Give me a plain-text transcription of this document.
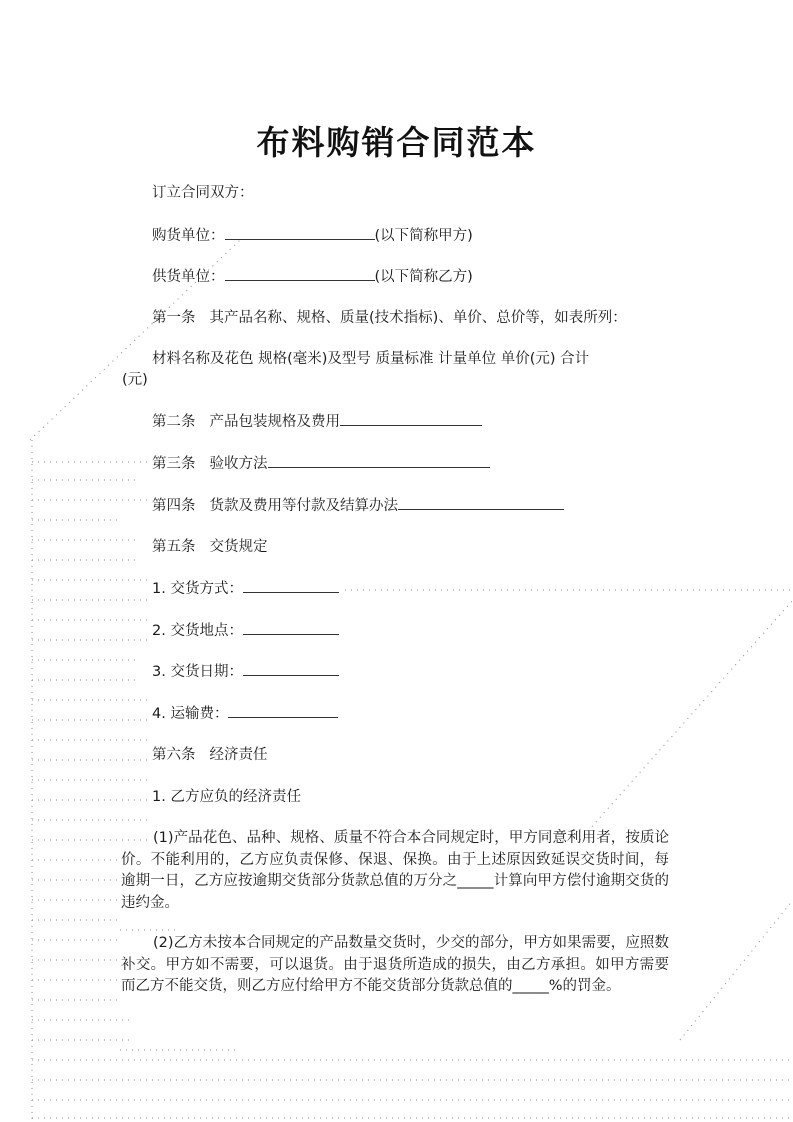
布料购销合同范本

订立合同双方：

购货单位：	(以下简称甲方)

供货单位：	(以下简称乙方)

第一条 其产品名称、规格、质量(技术指标)、单价、总价等，如表所列：

材料名称及花色 规格(毫米)及型号 质量标准 计量单位 单价(元) 合计

(元)

第二条 产品包装规格及费用

第三条 验收方法

第四条 货款及费用等付款及结算办法

第五条 交货规定

1. 交货方式：

2. 交货地点：

3. 交货日期：

4. 运输费：

第六条 经济责任

1. 乙方应负的经济责任

(1)产品花色、品种、规格、质量不符合本合同规定时，甲方同意利用者，按质论价。不能利用的，乙方应负责保修、保退、保换。由于上述原因致延误交货时间，每逾期一日，乙方应按逾期交货部分货款总值的万分之_____计算向甲方偿付逾期交货的违约金。

(2)乙方未按本合同规定的产品数量交货时，少交的部分，甲方如果需要，应照数补交。甲方如不需要，可以退货。由于退货所造成的损失，由乙方承担。如甲方需要而乙方不能交货，则乙方应付给甲方不能交货部分货款总值的_____%的罚金。
